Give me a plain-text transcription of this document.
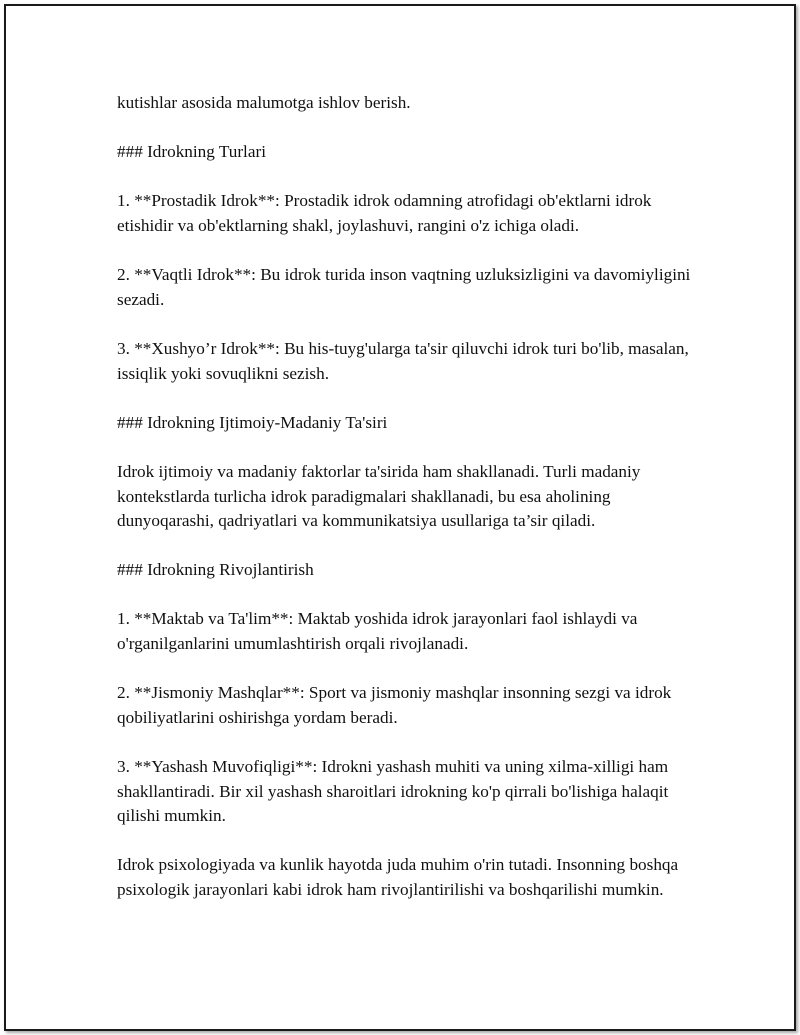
kutishlar asosida malumotga ishlov berish.

### Idrokning Turlari

1. **Prostadik Idrok**: Prostadik idrok odamning atrofidagi ob'ektlarni idrok etishidir va ob'ektlarning shakl, joylashuvi, rangini o'z ichiga oladi.

2. **Vaqtli Idrok**: Bu idrok turida inson vaqtning uzluksizligini va davomiyligini sezadi.

3. **Xushyo’r Idrok**: Bu his-tuyg'ularga ta'sir qiluvchi idrok turi bo'lib, masalan, issiqlik yoki sovuqlikni sezish.

### Idrokning Ijtimoiy-Madaniy Ta'siri

Idrok ijtimoiy va madaniy faktorlar ta'sirida ham shakllanadi. Turli madaniy kontekstlarda turlicha idrok paradigmalari shakllanadi, bu esa aholining dunyoqarashi, qadriyatlari va kommunikatsiya usullariga ta’sir qiladi.

### Idrokning Rivojlantirish

1. **Maktab va Ta'lim**: Maktab yoshida idrok jarayonlari faol ishlaydi va o'rganilganlarini umumlashtirish orqali rivojlanadi.

2. **Jismoniy Mashqlar**: Sport va jismoniy mashqlar insonning sezgi va idrok qobiliyatlarini oshirishga yordam beradi.

3. **Yashash Muvofiqligi**: Idrokni yashash muhiti va uning xilma-xilligi ham shakllantiradi. Bir xil yashash sharoitlari idrokning ko'p qirrali bo'lishiga halaqit qilishi mumkin.

Idrok psixologiyada va kunlik hayotda juda muhim o'rin tutadi. Insonning boshqa psixologik jarayonlari kabi idrok ham rivojlantirilishi va boshqarilishi mumkin.
